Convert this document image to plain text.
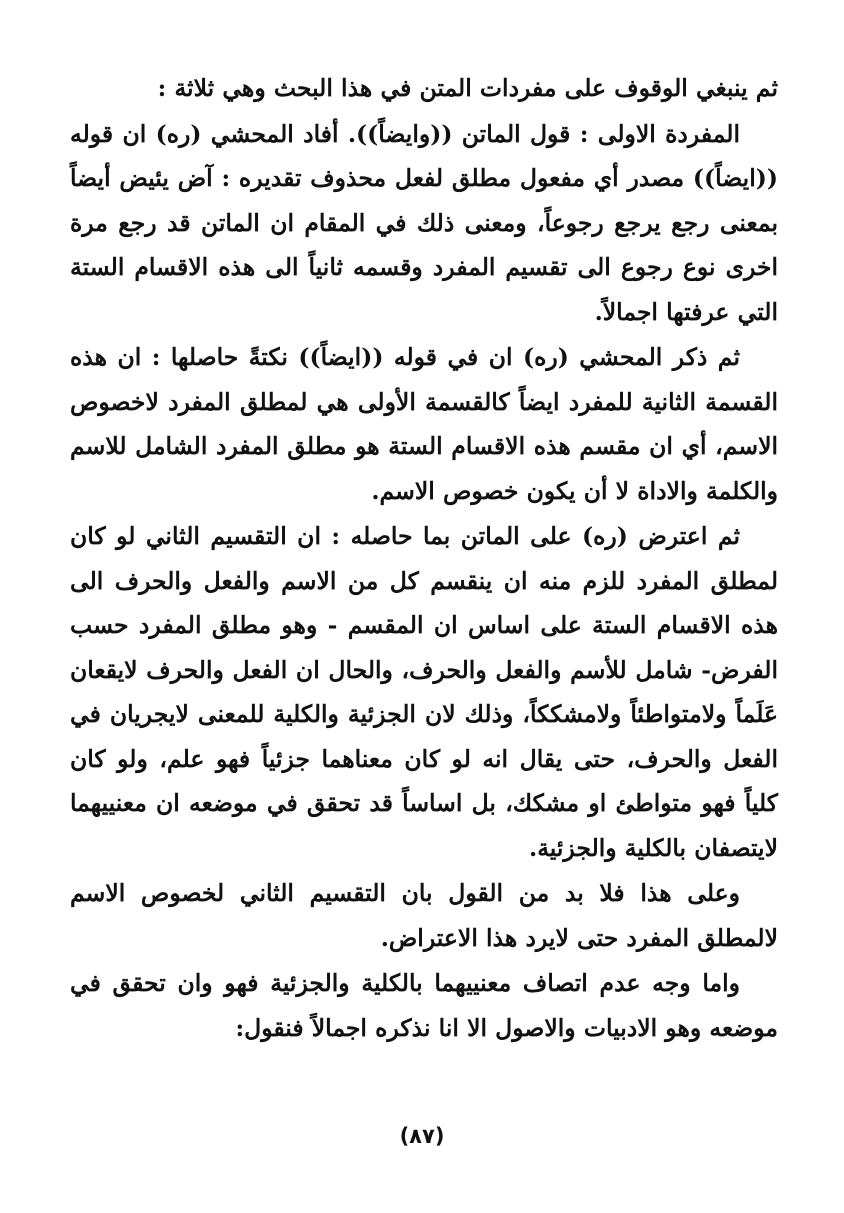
ثم ينبغي الوقوف على مفردات المتن في هذا البحث وهي ثلاثة :

المفردة الاولى : قول الماتن ((وايضاً)). أفاد المحشي (ره) ان قوله ((ايضاً)) مصدر أي مفعول مطلق لفعل محذوف تقديره : آض يئيض أيضاً بمعنى رجع يرجع رجوعاً، ومعنى ذلك في المقام ان الماتن قد رجع مرة اخرى نوع رجوع الى تقسيم المفرد وقسمه ثانياً الى هذه الاقسام الستة التي عرفتها اجمالاً.

ثم ذكر المحشي (ره) ان في قوله ((ايضاً)) نكتةً حاصلها : ان هذه القسمة الثانية للمفرد ايضاً كالقسمة الأولى هي لمطلق المفرد لاخصوص الاسم، أي ان مقسم هذه الاقسام الستة هو مطلق المفرد الشامل للاسم والكلمة والاداة لا أن يكون خصوص الاسم.

ثم اعترض (ره) على الماتن بما حاصله : ان التقسيم الثاني لو كان لمطلق المفرد للزم منه ان ينقسم كل من الاسم والفعل والحرف الى هذه الاقسام الستة على اساس ان المقسم - وهو مطلق المفرد حسب الفرض- شامل للأسم والفعل والحرف، والحال ان الفعل والحرف لايقعان عَلَماً ولامتواطئاً ولامشككاً، وذلك لان الجزئية والكلية للمعنى لايجريان في الفعل والحرف، حتى يقال انه لو كان معناهما جزئياً فهو علم، ولو كان كلياً فهو متواطئ او مشكك، بل اساساً قد تحقق في موضعه ان معنييهما لايتصفان بالكلية والجزئية.

وعلى هذا فلا بد من القول بان التقسيم الثاني لخصوص الاسم لالمطلق المفرد حتى لايرد هذا الاعتراض.

واما وجه عدم اتصاف معنييهما بالكلية والجزئية فهو وان تحقق في موضعه وهو الادبيات والاصول الا انا نذكره اجمالاً فنقول:

(٨٧)
